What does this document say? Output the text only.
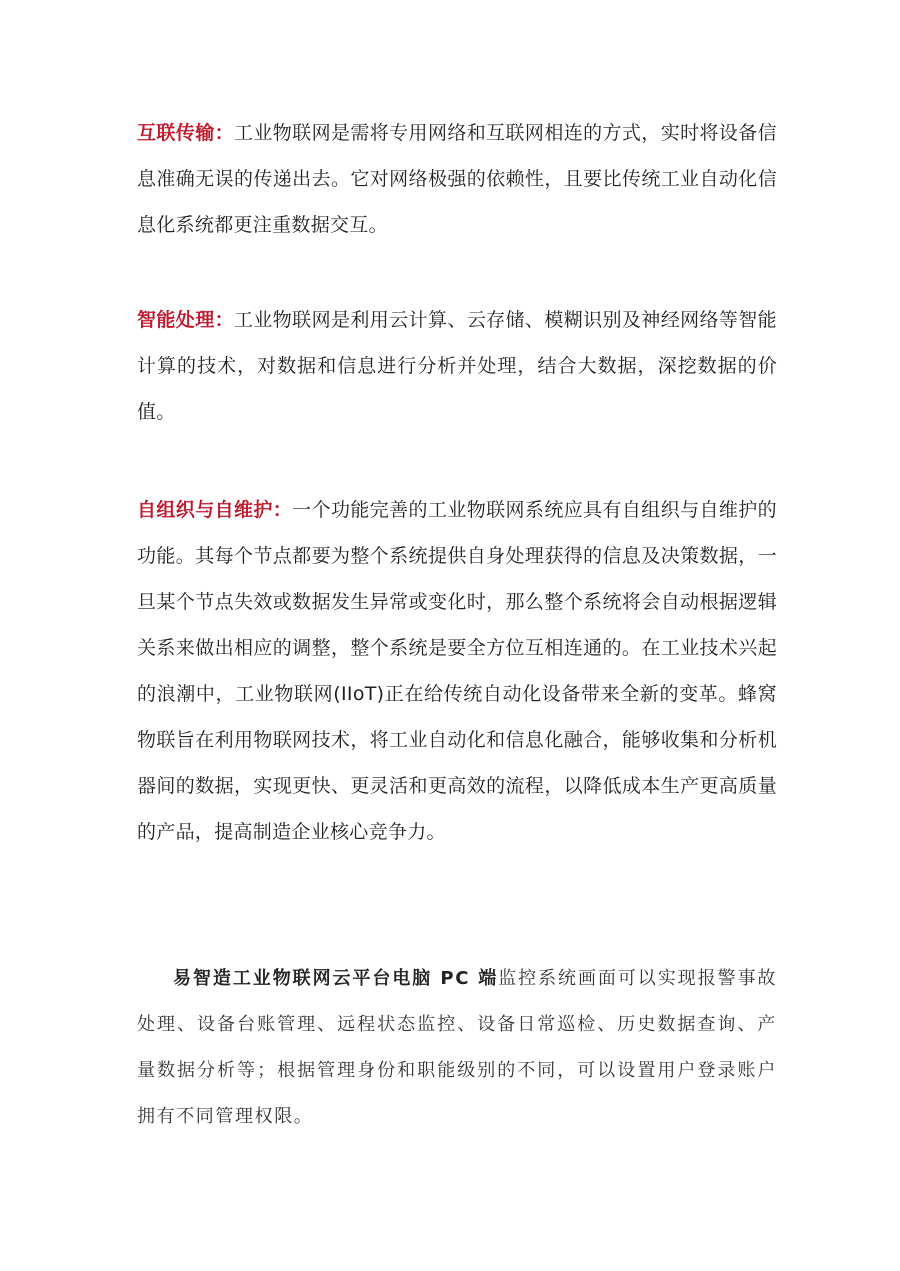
互联传输：工业物联网是需将专用网络和互联网相连的方式，实时将设备信息准确无误的传递出去。它对网络极强的依赖性，且要比传统工业自动化信息化系统都更注重数据交互。
智能处理：工业物联网是利用云计算、云存储、模糊识别及神经网络等智能计算的技术，对数据和信息进行分析并处理，结合大数据，深挖数据的价值。
自组织与自维护：一个功能完善的工业物联网系统应具有自组织与自维护的功能。其每个节点都要为整个系统提供自身处理获得的信息及决策数据，一旦某个节点失效或数据发生异常或变化时，那么整个系统将会自动根据逻辑关系来做出相应的调整，整个系统是要全方位互相连通的。在工业技术兴起的浪潮中，工业物联网(IIoT)正在给传统自动化设备带来全新的变革。蜂窝物联旨在利用物联网技术，将工业自动化和信息化融合，能够收集和分析机器间的数据，实现更快、更灵活和更高效的流程，以降低成本生产更高质量的产品，提高制造企业核心竞争力。
易智造工业物联网云平台电脑 PC 端监控系统画面可以实现报警事故处理、设备台账管理、远程状态监控、设备日常巡检、历史数据查询、产量数据分析等；根据管理身份和职能级别的不同，可以设置用户登录账户拥有不同管理权限。
